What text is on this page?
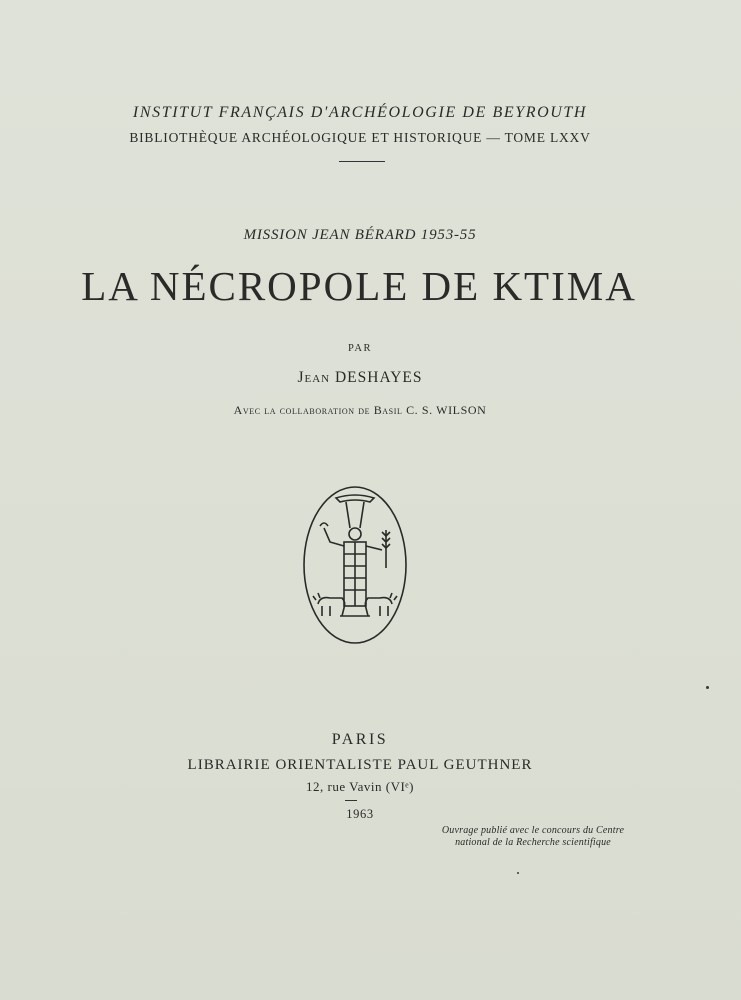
INSTITUT FRANÇAIS D'ARCHÉOLOGIE DE BEYROUTH
BIBLIOTHÈQUE ARCHÉOLOGIQUE ET HISTORIQUE — TOME LXXV
MISSION JEAN BÉRARD 1953-55
LA NÉCROPOLE DE KTIMA
PAR
Jean DESHAYES
Avec la collaboration de Basil C. S. WILSON
PARIS
LIBRAIRIE ORIENTALISTE PAUL GEUTHNER
12, rue Vavin (VIᵉ)
1963
Ouvrage publié avec le concours du Centre
national de la Recherche scientifique
